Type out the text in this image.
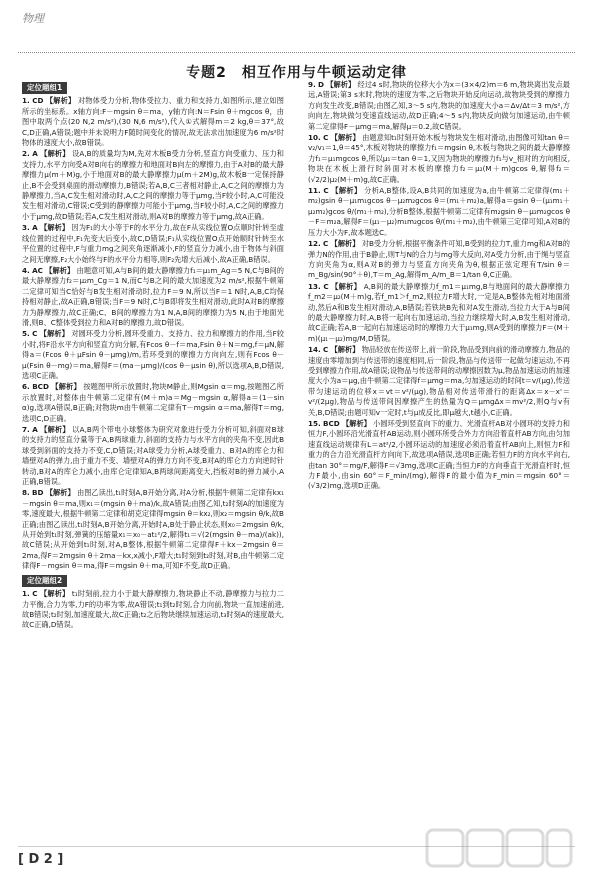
物理
专题2　相互作用与牛顿运动定律
定位题组1
1. CD 【解析】 对物体受力分析,物体受拉力、重力和支持力,如图所示,建立如图所示的坐标系。x轴方向:F－mgsin θ＝ma，y轴方向:N＝Fsin θ＋mgcos θ，由图中取两个点(20 N,2 m/s²),(30 N,6 m/s²),代入①式解得m＝2 kg,θ＝37°,故C,D正确,A错误;题中并未说明力F随时间变化的情况,故无法求出加速度为6 m/s²时物体的速度大小,故B错误。
2. A 【解析】 设A,B的质量均为M,先对木板B受力分析,竖直方向受重力、压力和支持力,水平方向受A对B向右的摩擦力和地面对B向左的摩擦力,由于A对B的最大静摩擦力μ(m＋M)g,小于地面对B的最大静摩擦力μ(m＋2M)g,故木板B一定保持静止,B不会受到桌面的滑动摩擦力,B错误;若A,B,C三者相对静止,A,C之间的摩擦力为静摩擦力,当A,C发生相对滑动时,A,C之间的摩擦力等于μmg,当F较小时,A,C可能没发生相对滑动,C错误;C受到的静摩擦力可能小于μmg,当F较小时,A,C之间的摩擦力小于μmg,故D错误;若A,C发生相对滑动,则A对B的摩擦力等于μmg,故A正确。
3. A 【解析】 因为F₁的大小等于F的水平分力,故在F从实线位置O点顺时针转至虚线位置的过程中,F₁先变大后变小,故C,D错误;F₁从实线位置O点开始顺时针转至水平位置的过程中,F与重力mg之间夹角逐渐减小,F的竖直分力减小,由于物体与斜面之间无摩擦,F₂大小始终与F的水平分力相等,则F₂先增大后减小,故A正确,B错误。
4. AC 【解析】 由题意可知,A与B间的最大静摩擦力f₁＝μ₁m_Ag＝5 N,C与B间的最大静摩擦力f₂＝μ₂m_Cg＝1 N,而C与B之间的最大加速度为2 m/s²,根据牛顿第二定律可知当C恰好与B发生相对滑动时,拉力F＝9 N,所以当F＝1 N时,A,B,C均保持相对静止,故A正确,B错误;当F＝9 N时,C与B即将发生相对滑动,此时A对B的摩擦力为静摩擦力,故C正确;C、B间的摩擦力为1 N,A,B间的摩擦力为5 N,由于地面光滑,则B、C整体受到拉力和A对B的摩擦力,故D错误。
5. C 【解析】 对圆环受力分析,圆环受重力、支持力、拉力和摩擦力的作用,当F较小时,将F沿水平方向和竖直方向分解,有Fcos θ－f＝ma,Fsin θ＋N＝mg,f＝μN,解得a＝(Fcos θ＋μFsin θ－μmg)/m,若环受到的摩擦力方向向左,则有Fcos θ－μ(Fsin θ－mg)＝ma,解得F＝(ma－μmg)/(cos θ－μsin θ),所以选项A,B,D错误,选项C正确。
6. BCD 【解析】 按题图甲所示放置时,物块M静止,则Mgsin α＝mg,按题图乙所示放置时,对整体由牛顿第二定律有(M＋m)a＝Mg－mgsin α,解得a＝(1－sin α)g,选项A错误,B正确;对物块m由牛顿第二定律有T－mgsin α＝ma,解得T＝mg,选项C,D正确。
7. A 【解析】 以A,B两个带电小球整体为研究对象进行受力分析可知,斜面对B球的支持力的竖直分量等于A,B两球重力,斜面的支持力与水平方向的夹角不变,因此B球受到斜面的支持力不变,C,D错误;对A球受力分析,A球受重力、B对A的库仑力和墙壁对A的弹力,由于重力不变、墙壁对A的弹力方向不变,B对A的库仑力方向逆时针转动,B对A的库仑力减小,由库仑定律知A,B两球间距离变大,挡板对B的弹力减小,A正确,B错误。
8. BD 【解析】 由图乙读出,t₁时刻A,B开始分离,对A分析,根据牛顿第二定律有kx₁－mgsin θ＝ma,则x₁＝(mgsin θ＋ma)/k,故A错误;由图乙知,t₂时刻A的加速度为零,速度最大,根据牛顿第二定律和胡克定律得mgsin θ＝kx₂,则x₂＝mgsin θ/k,故B正确;由图乙读出,t₁时刻A,B开始分离,开始时A,B处于静止状态,则x₀＝2mgsin θ/k,从开始到t₁时刻,弹簧的压缩量x₁＝x₀－at₁²/2,解得t₁＝√(2(mgsin θ－ma)/(ak)),故C错误;从开始到t₁时刻,对A,B整体,根据牛顿第二定律得F＋kx－2mgsin θ＝2ma,得F＝2mgsin θ＋2ma－kx,x减小,F增大;t₁时刻到t₂时刻,对B,由牛顿第二定律得F－mgsin θ＝ma,得F＝mgsin θ＋ma,可知F不变,故D正确。
定位题组2
1. C 【解析】 t₁时刻前,拉力小于最大静摩擦力,物块静止不动,静摩擦力与拉力二力平衡,合力为零,力F的功率为零,故A错误;t₁到t₂时刻,合力向前,物块一直加速前进,故B错误;t₂时刻,加速度最大,故C正确;t₂之后物块继续加速运动,t₃时刻A的速度最大,故C正确,D错误。
9. D 【解析】 经过4 s时,物块的位移大小为x＝(3×4/2)m＝6 m,物块离出发点最远,A错误;第3 s末时,物块的速度为零,之后物块开始反向运动,故物块受到的摩擦力方向发生改变,B错误;由图乙知,3～5 s内,物块的加速度大小a＝Δv/Δt＝3 m/s²,方向向左,物块做匀变速直线运动,故D正确;4～5 s内,物块反向做匀加速运动,由牛顿第二定律得F－μmg＝ma,解得μ＝0.2,故C错误。
10. C 【解析】 由题意知t₁时刻开始木板与物块发生相对滑动,由图像可知tan θ＝v₂/v₁＝1,θ＝45°,木板对物块的摩擦力f₁＝mgsin θ,木板与物块之间的最大静摩擦力f₁＝μ₁mgcos θ,所以μ₁＝tan θ＝1,又因为物块的摩擦力f₁与v_相对的方向相反,物块在木板上滑行时斜面对木板的摩擦力f₂＝μ₂(M＋m)gcos θ,解得f₂＝(√2/2)μ₂(M＋m)g,故C正确。
11. C 【解析】 分析A,B整体,设A,B共同的加速度为a,由牛顿第二定律得(m₁＋m₂)gsin θ－μ₁m₁gcos θ－μ₂m₂gcos θ＝(m₁＋m₂)a,解得a＝gsin θ－(μ₁m₁＋μ₂m₂)gcos θ/(m₁＋m₂),分析B整体,根据牛顿第二定律有m₂gsin θ－μ₂m₂gcos θ－F＝m₂a,解得F＝(μ₁－μ₂)m₁m₂gcos θ/(m₁＋m₂),由牛顿第三定律可知,A对B的压力大小为F,故本题选C。
12. C 【解析】 对B受力分析,根据平衡条件可知,B受到的拉力T,重力mg和A对B的弹力N的作用,由于B静止,则T与N的合力与mg等大反向,对A受力分析,由于绳与竖直方向夹角为α,则A对B的弹力与竖直方向夹角为θ,根据正弦定理有T/sin θ＝m_Bg/sin(90°＋θ),T＝m_Ag,解得m_A/m_B＝1/tan θ,C正确。
13. C 【解析】 A,B间的最大静摩擦力f_m1＝μ₁mg,B与地面间的最大静摩擦力f_m2＝μ₂(M＋m)g,若f_m1＞f_m2,则拉力F增大时,一定是A,B整体先相对地面滑动,然后A和B发生相对滑动,A,B错误;若铁块B先和对A发生滑动,当拉力大于A与B间的最大静摩擦力时,A,B将一起向右加速运动,当拉力继续增大时,A,B发生相对滑动,故C正确;若A,B一起向右加速运动时的摩擦力大于μ₁mg,则A受到的摩擦力F＝(M＋m)(μ₁－μ₂)mg/M,D错误。
14. C 【解析】 物品轻放在传送带上,前一阶段,物品受到向前的滑动摩擦力,物品的速度由零增加到与传送带的速度相同,后一阶段,物品与传送带一起做匀速运动,不再受到摩擦力作用,故A错误;设物品与传送带间的动摩擦因数为μ,物品加速运动的加速度大小为a＝μg,由牛顿第二定律得f＝μmg＝ma,匀加速运动的时间t＝v/(μg),传送带匀速运动的位移x＝vt＝v²/(μg),物品相对传送带滑行的距离Δx＝x－x'＝v²/(2μg),物品与传送带间因摩擦产生的热量为Q＝μmgΔx＝mv²/2,则Q与v有关,B,D错误;由题可知v一定时,t与μ成反比,即μ越大,t越小,C正确。
15. BCD 【解析】 小圆环受到竖直向下的重力、光滑直杆AB对小圆环的支持力和恒力F,小圆环沿光滑直杆AB运动,则小圆环所受合外力方向沿着直杆AB方向,由匀加速直线运动规律有L＝at²/2,小圆环运动的加速度必须沿着直杆AB向上,则恒力F和重力的合力沿光滑直杆方向向下,故选项A错误,选项B正确;若恒力F的方向水平向右,由tan 30°＝mg/F,解得F＝√3mg,选项C正确;当恒力F的方向垂直于光滑直杆时,恒力F最小,由sin 60°＝F_min/(mg),解得F的最小值为F_min＝mgsin 60°＝(√3/2)mg,选项D正确。
[ D 2 ]
